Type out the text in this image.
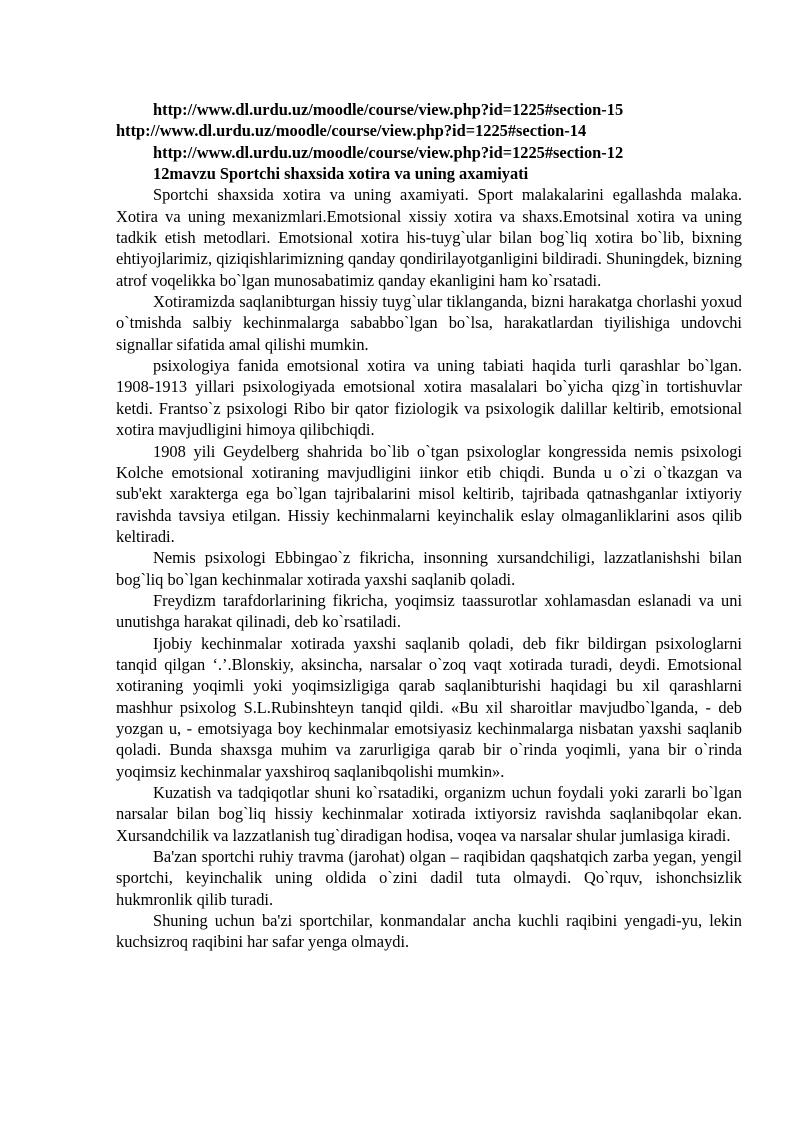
http://www.dl.urdu.uz/moodle/course/view.php?id=1225#section-15
http://www.dl.urdu.uz/moodle/course/view.php?id=1225#section-14
http://www.dl.urdu.uz/moodle/course/view.php?id=1225#section-12
12mavzu Sportchi shaxsida xotira va uning axamiyati

Sportchi shaxsida xotira va uning axamiyati. Sport malakalarini egallashda malaka. Xotira va uning mexanizmlari.Emotsional xissiy xotira va shaxs.Emotsinal xotira va uning tadkik etish metodlari. Emotsional xotira his-tuyg`ular bilan bog`liq xotira bo`lib, bixning ehtiyojlarimiz, qiziqishlarimizning qanday qondirilayotganligini bildiradi. Shuningdek, bizning atrof voqelikka bo`lgan munosabatimiz qanday ekanligini ham ko`rsatadi.

Xotiramizda saqlanibturgan hissiy tuyg`ular tiklanganda, bizni harakatga chorlashi yoxud o`tmishda salbiy kechinmalarga sababbo`lgan bo`lsa, harakatlardan tiyilishiga undovchi signallar sifatida amal qilishi mumkin.

psixologiya fanida emotsional xotira va uning tabiati haqida turli qarashlar bo`lgan. 1908-1913 yillari psixologiyada emotsional xotira masalalari bo`yicha qizg`in tortishuvlar ketdi. Frantso`z psixologi Ribo bir qator fiziologik va psixologik dalillar keltirib, emotsional xotira mavjudligini himoya qilibchiqdi.

1908 yili Geydelberg shahrida bo`lib o`tgan psixologlar kongressida nemis psixologi Kolche emotsional xotiraning mavjudligini iinkor etib chiqdi. Bunda u o`zi o`tkazgan va sub'ekt xarakterga ega bo`lgan tajribalarini misol keltirib, tajribada qatnashganlar ixtiyoriy ravishda tavsiya etilgan. Hissiy kechinmalarni keyinchalik eslay olmaganliklarini asos qilib keltiradi.

Nemis psixologi Ebbingao`z fikricha, insonning xursandchiligi, lazzatlanishshi bilan bog`liq bo`lgan kechinmalar xotirada yaxshi saqlanib qoladi.

Freydizm tarafdorlarining fikricha, yoqimsiz taassurotlar xohlamasdan eslanadi va uni unutishga harakat qilinadi, deb ko`rsatiladi.

Ijobiy kechinmalar xotirada yaxshi saqlanib qoladi, deb fikr bildirgan psixologlarni tanqid qilgan ‘.’.Blonskiy, aksincha, narsalar o`zoq vaqt xotirada turadi, deydi. Emotsional xotiraning yoqimli yoki yoqimsizligiga qarab saqlanibturishi haqidagi bu xil qarashlarni mashhur psixolog S.L.Rubinshteyn tanqid qildi. «Bu xil sharoitlar mavjudbo`lganda, - deb yozgan u, - emotsiyaga boy kechinmalar emotsiyasiz kechinmalarga nisbatan yaxshi saqlanib qoladi. Bunda shaxsga muhim va zarurligiga qarab bir o`rinda yoqimli, yana bir o`rinda yoqimsiz kechinmalar yaxshiroq saqlanibqolishi mumkin».

Kuzatish va tadqiqotlar shuni ko`rsatadiki, organizm uchun foydali yoki zararli bo`lgan narsalar bilan bog`liq hissiy kechinmalar xotirada ixtiyorsiz ravishda saqlanibqolar ekan. Xursandchilik va lazzatlanish tug`diradigan hodisa, voqea va narsalar shular jumlasiga kiradi.

Ba'zan sportchi ruhiy travma (jarohat) olgan – raqibidan qaqshatqich zarba yegan, yengil sportchi, keyinchalik uning oldida o`zini dadil tuta olmaydi. Qo`rquv, ishonchsizlik hukmronlik qilib turadi.

Shuning uchun ba'zi sportchilar, konmandalar ancha kuchli raqibini yengadi-yu, lekin kuchsizroq raqibini har safar yenga olmaydi.
